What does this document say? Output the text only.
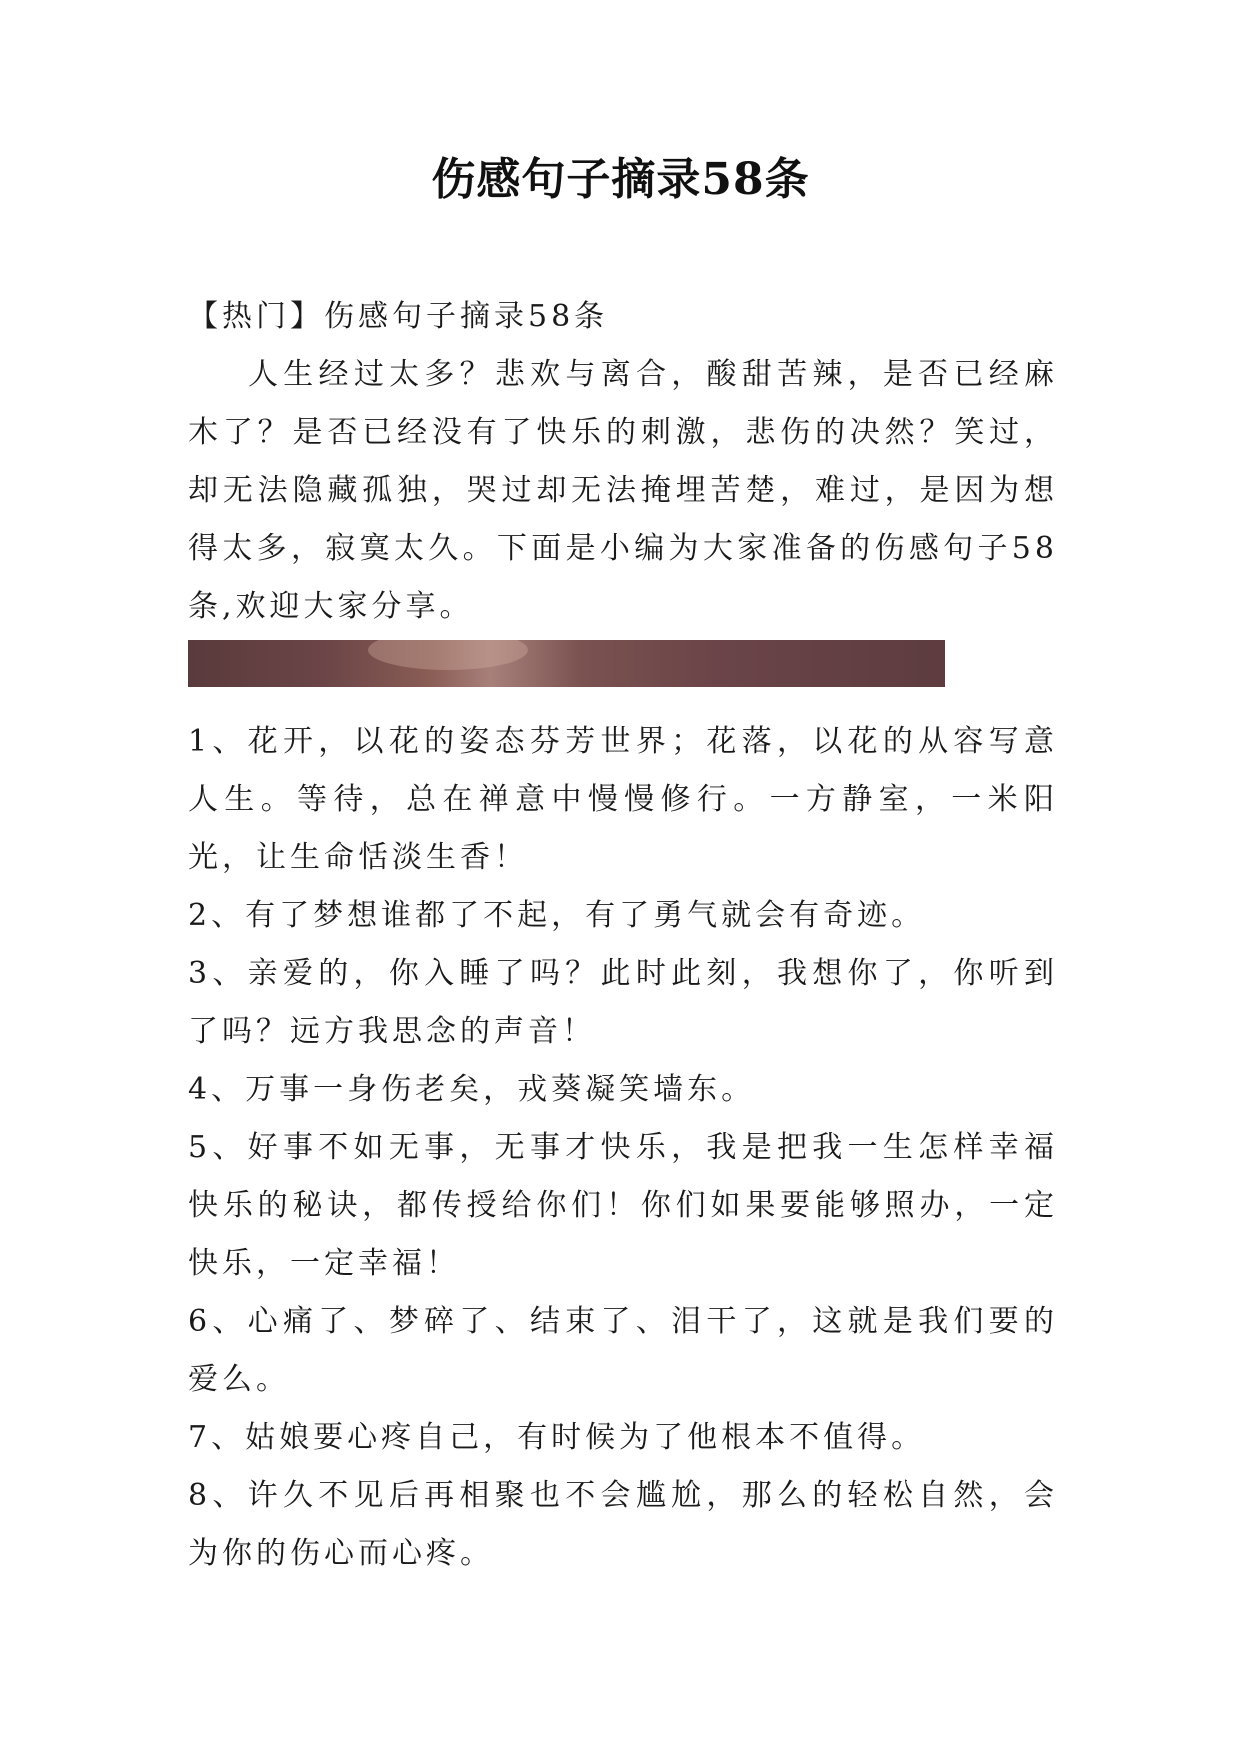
伤感句子摘录58条

【热门】伤感句子摘录58条

人生经过太多？悲欢与离合，酸甜苦辣，是否已经麻木了？是否已经没有了快乐的刺激，悲伤的决然？笑过，却无法隐藏孤独，哭过却无法掩埋苦楚，难过，是因为想得太多，寂寞太久。下面是小编为大家准备的伤感句子58条,欢迎大家分享。

1、花开，以花的姿态芬芳世界；花落，以花的从容写意人生。等待，总在禅意中慢慢修行。一方静室，一米阳光，让生命恬淡生香！

2、有了梦想谁都了不起，有了勇气就会有奇迹。

3、亲爱的，你入睡了吗？此时此刻，我想你了，你听到了吗？远方我思念的声音！

4、万事一身伤老矣，戎葵凝笑墙东。

5、好事不如无事，无事才快乐，我是把我一生怎样幸福快乐的秘诀，都传授给你们！你们如果要能够照办，一定快乐，一定幸福！

6、心痛了、梦碎了、结束了、泪干了，这就是我们要的爱么。

7、姑娘要心疼自己，有时候为了他根本不值得。

8、许久不见后再相聚也不会尴尬，那么的轻松自然，会为你的伤心而心疼。
